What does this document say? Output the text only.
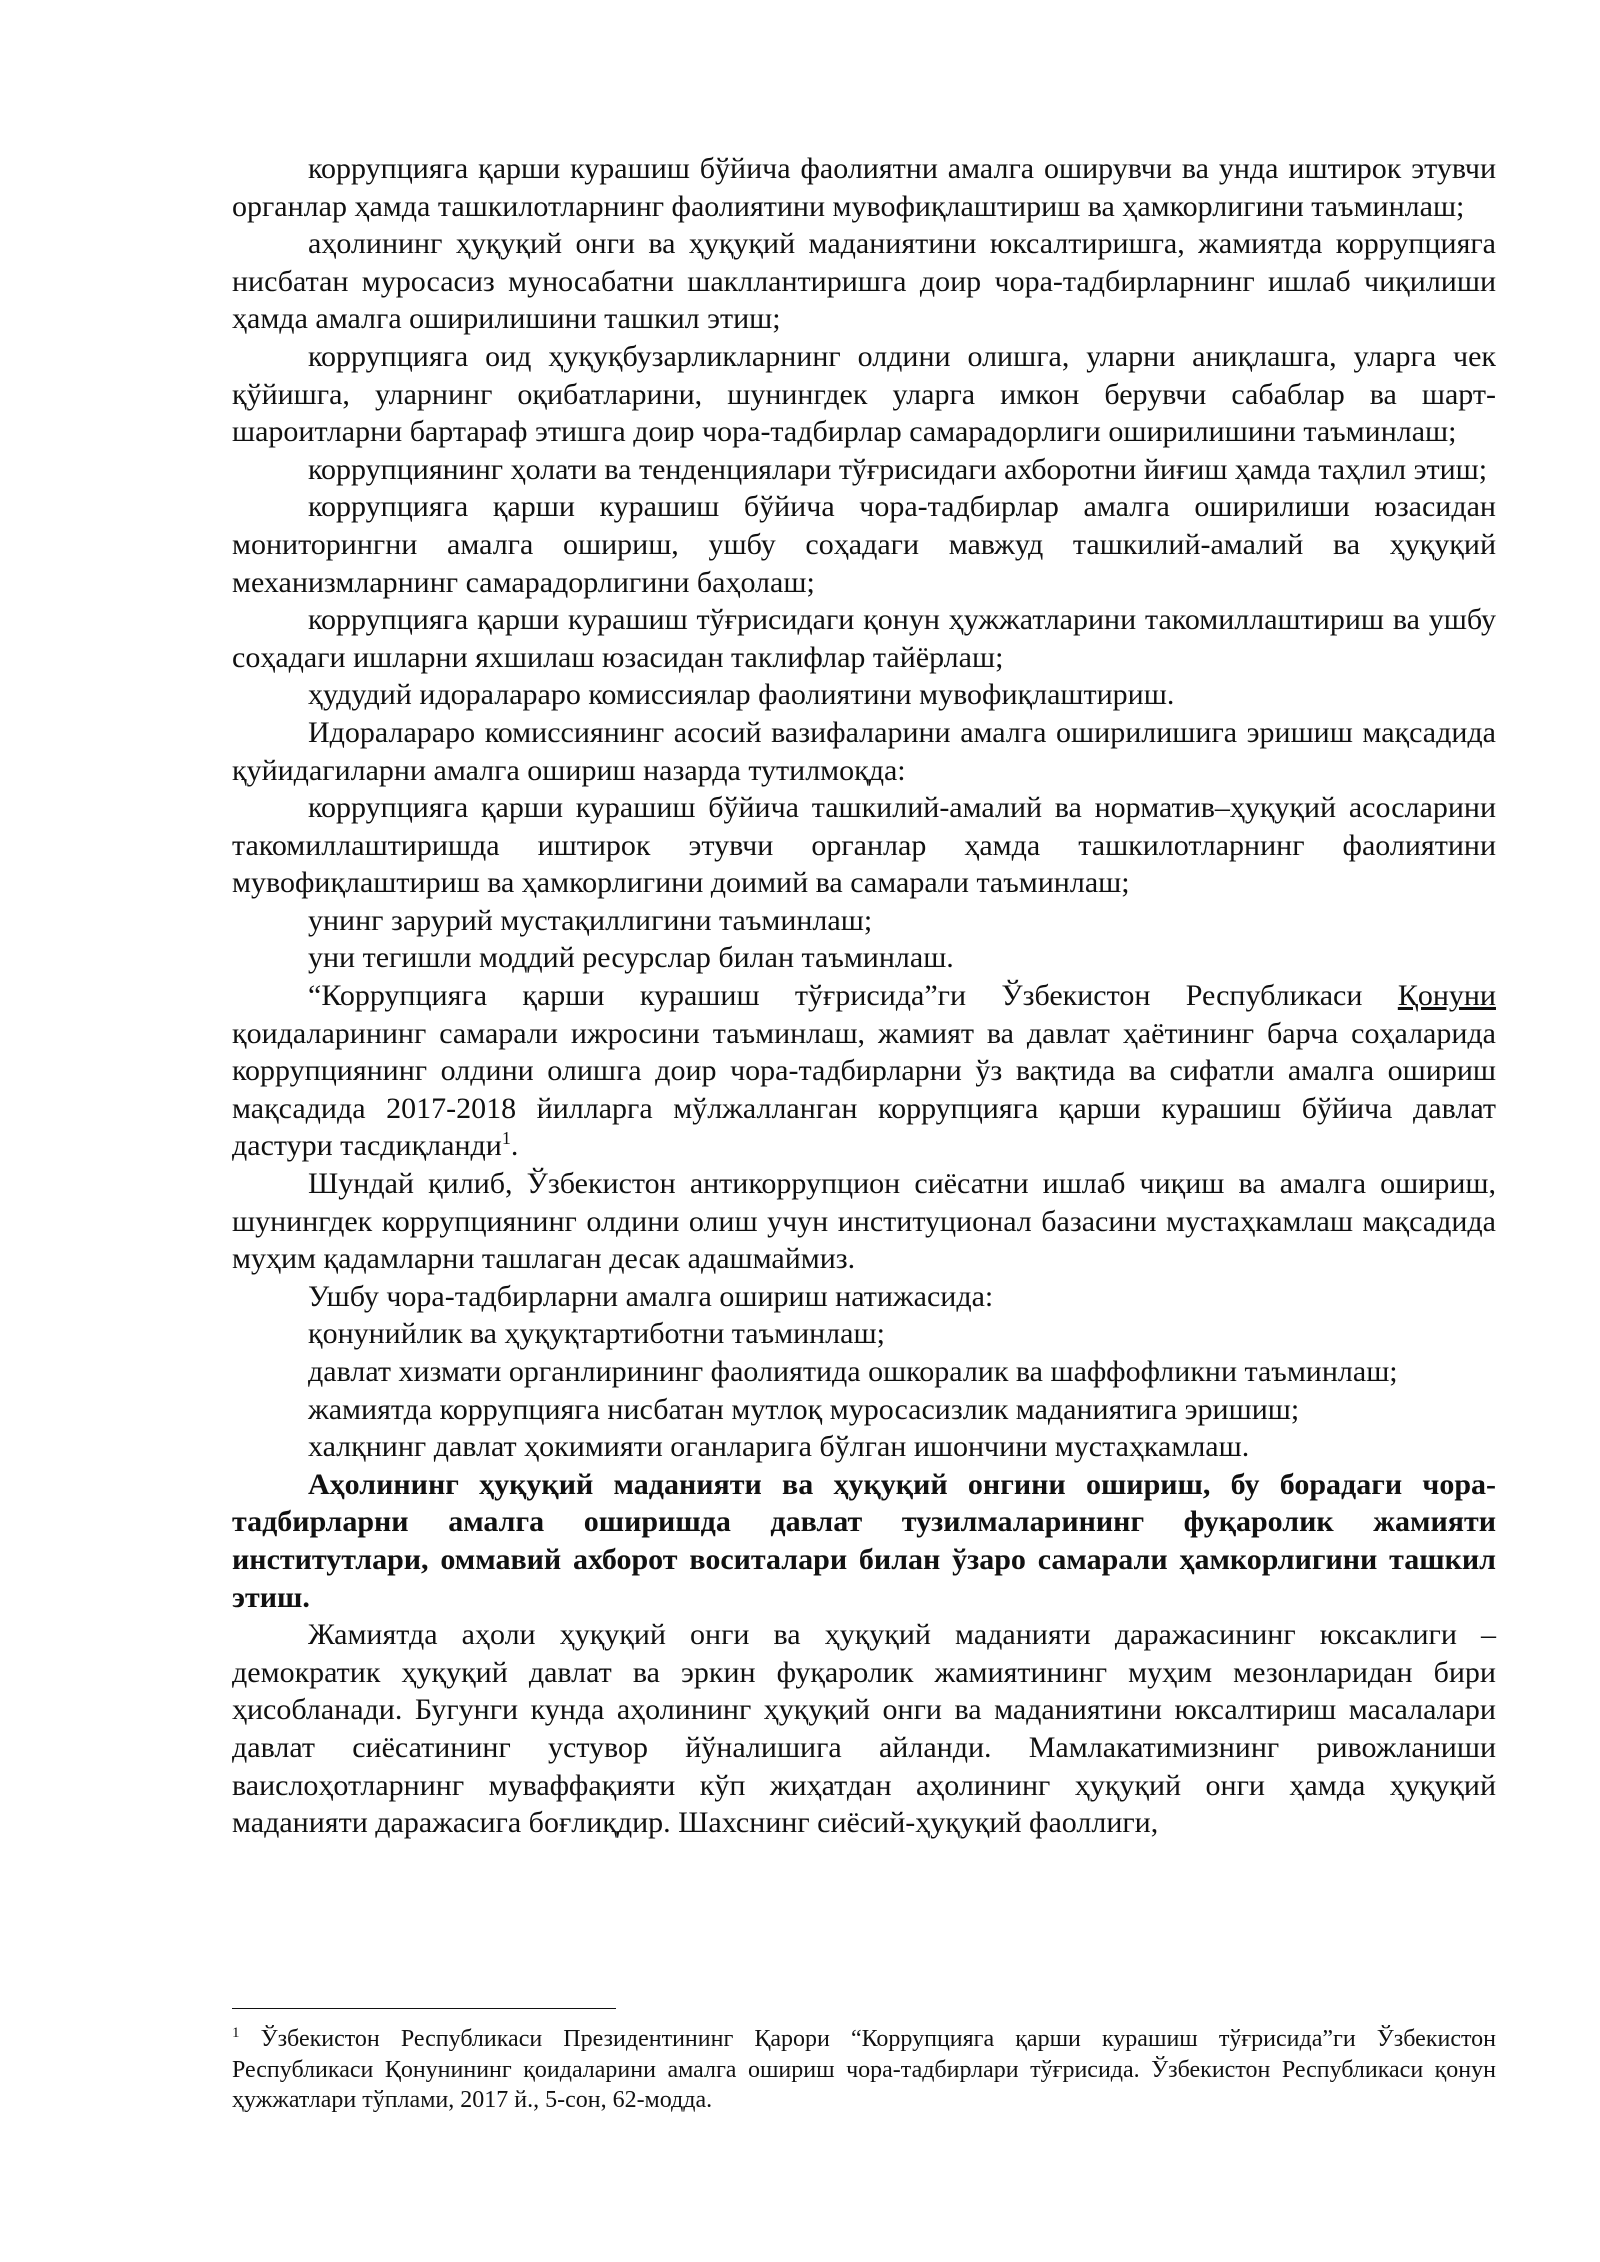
коррупцияга қарши курашиш бўйича фаолиятни амалга оширувчи ва унда иштирок этувчи органлар ҳамда ташкилотларнинг фаолиятини мувофиқлаштириш ва ҳамкорлигини таъминлаш;

аҳолининг ҳуқуқий онги ва ҳуқуқий маданиятини юксалтиришга, жамиятда коррупцияга нисбатан муросасиз муносабатни шакллантиришга доир чора-тадбирларнинг ишлаб чиқилиши ҳамда амалга оширилишини ташкил этиш;

коррупцияга оид ҳуқуқбузарликларнинг олдини олишга, уларни аниқлашга, уларга чек қўйишга, уларнинг оқибатларини, шунингдек уларга имкон берувчи сабаблар ва шарт-шароитларни бартараф этишга доир чора-тадбирлар самарадорлиги оширилишини таъминлаш;

коррупциянинг ҳолати ва тенденциялари тўғрисидаги ахборотни йиғиш ҳамда таҳлил этиш;

коррупцияга қарши курашиш бўйича чора-тадбирлар амалга оширилиши юзасидан мониторингни амалга ошириш, ушбу соҳадаги мавжуд ташкилий-амалий ва ҳуқуқий механизмларнинг самарадорлигини баҳолаш;

коррупцияга қарши курашиш тўғрисидаги қонун ҳужжатларини такомиллаштириш ва ушбу соҳадаги ишларни яхшилаш юзасидан таклифлар тайёрлаш;

ҳудудий идоралараро комиссиялар фаолиятини мувофиқлаштириш.

Идоралараро комиссиянинг асосий вазифаларини амалга оширилишига эришиш мақсадида қуйидагиларни амалга ошириш назарда тутилмоқда:

коррупцияга қарши курашиш бўйича ташкилий-амалий ва норматив–ҳуқуқий асосларини такомиллаштиришда иштирок этувчи органлар ҳамда ташкилотларнинг фаолиятини мувофиқлаштириш ва ҳамкорлигини доимий ва самарали таъминлаш;

унинг зарурий мустақиллигини таъминлаш;

уни тегишли моддий ресурслар билан таъминлаш.

“Коррупцияга қарши курашиш тўғрисида”ги Ўзбекистон Республикаси Қонуни қоидаларининг самарали ижросини таъминлаш, жамият ва давлат ҳаётининг барча соҳаларида коррупциянинг олдини олишга доир чора-тадбирларни ўз вақтида ва сифатли амалга ошириш мақсадида 2017-2018 йилларга мўлжалланган коррупцияга қарши курашиш бўйича давлат дастури тасдиқланди$^1$.

Шундай қилиб, Ўзбекистон антикоррупцион сиёсатни ишлаб чиқиш ва амалга ошириш, шунингдек коррупциянинг олдини олиш учун институционал базасини мустаҳкамлаш мақсадида муҳим қадамларни ташлаган десак адашмаймиз.

Ушбу чора-тадбирларни амалга ошириш натижасида:

қонунийлик ва ҳуқуқтартиботни таъминлаш;

давлат хизмати органлирининг фаолиятида ошкоралик ва шаффофликни таъминлаш;

жамиятда коррупцияга нисбатан мутлоқ муросасизлик маданиятига эришиш;

халқнинг давлат ҳокимияти оганларига бўлган ишончини мустаҳкамлаш.

Аҳолининг ҳуқуқий маданияти ва ҳуқуқий онгини ошириш, бу борадаги чора-тадбирларни амалга оширишда давлат тузилмаларининг фуқаролик жамияти институтлари, оммавий ахборот воситалари билан ўзаро самарали ҳамкорлигини ташкил этиш.

Жамиятда аҳоли ҳуқуқий онги ва ҳуқуқий маданияти даражасининг юксаклиги – демократик ҳуқуқий давлат ва эркин фуқаролик жамиятининг муҳим мезонларидан бири ҳисобланади. Бугунги кунда аҳолининг ҳуқуқий онги ва маданиятини юксалтириш масалалари давлат сиёсатининг устувор йўналишига айланди. Мамлакатимизнинг ривожланиши ваислоҳотларнинг муваффақияти кўп жиҳатдан аҳолининг ҳуқуқий онги ҳамда ҳуқуқий маданияти даражасига боғлиқдир. Шахснинг сиёсий-ҳуқуқий фаоллиги,

$^1$ Ўзбекистон Республикаси Президентининг Қарори “Коррупцияга қарши курашиш тўғрисида”ги Ўзбекистон Республикаси Қонунининг қоидаларини амалга ошириш чора-тадбирлари тўғрисида. Ўзбекистон Республикаси қонун ҳужжатлари тўплами, 2017 й., 5-сон, 62-модда.
